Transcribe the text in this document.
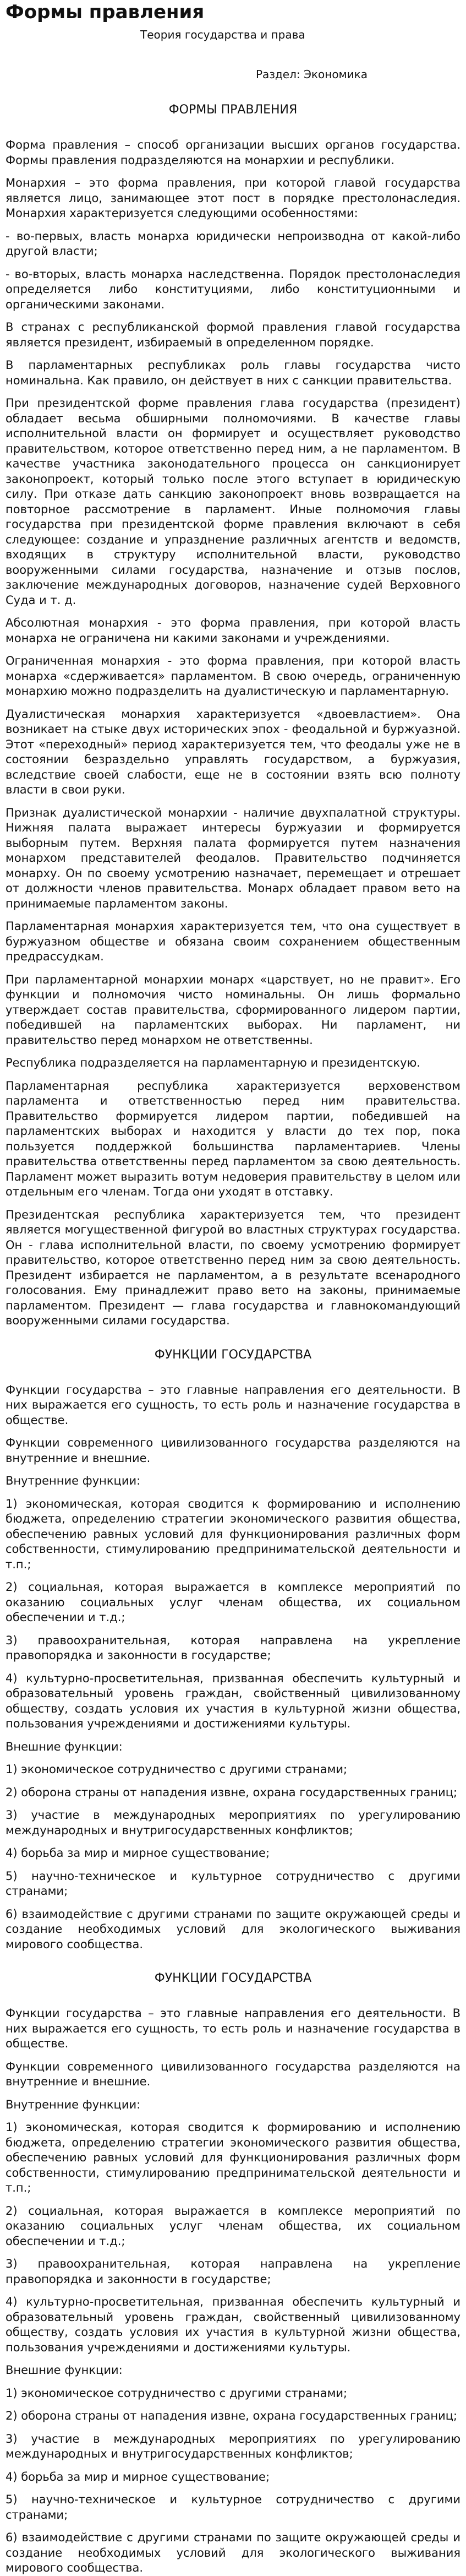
Формы правления
Теория государства и права
Раздел: Экономика
ФОРМЫ ПРАВЛЕНИЯ

Форма правления – способ организации высших органов государства. Формы правления подразделяются на монархии и республики.

Монархия – это форма правления, при которой главой государства является лицо, занимающее этот пост в порядке престолонаследия. Монархия характеризуется следующими особенностями:

- во-первых, власть монарха юридически непроизводна от какой-либо другой власти;

- во-вторых, власть монарха наследственна. Порядок престолонаследия определяется либо конституциями, либо конституционными и органическими законами.

В странах с республиканской формой правления главой государства является президент, избираемый в определенном порядке.

В парламентарных республиках роль главы государства чисто номинальна. Как правило, он действует в них с санкции правительства.

При президентской форме правления глава государства (президент) обладает весьма обширными полномочиями. В качестве главы исполнительной власти он формирует и осуществляет руководство правительством, которое ответственно перед ним, а не парламентом. В качестве участника законодательного процесса он санкционирует законопроект, который только после этого вступает в юридическую силу. При отказе дать санкцию законопроект вновь возвращается на повторное рассмотрение в парламент. Иные полномочия главы государства при президентской форме правления включают в себя следующее: создание и упразднение различных агентств и ведомств, входящих в структуру исполнительной власти, руководство вооруженными силами государства, назначение и отзыв послов, заключение международных договоров, назначение судей Верховного Суда и т. д.

Абсолютная монархия - это форма правления, при которой власть монарха не ограничена ни какими законами и учреждениями.

Ограниченная монархия - это форма правления, при которой власть монарха «сдерживается» парламентом. В свою очередь, ограниченную монархию можно подразделить на дуалистическую и парламентарную.

Дуалистическая монархия характеризуется «двоевластием». Она возникает на стыке двух исторических эпох - феодальной и буржуазной. Этот «переходный» период характеризуется тем, что феодалы уже не в состоянии безраздельно управлять государством, а буржуазия, вследствие своей слабости, еще не в состоянии взять всю полноту власти в свои руки.

Признак дуалистической монархии - наличие двухпалатной структуры. Нижняя палата выражает интересы буржуазии и формируется выборным путем. Верхняя палата формируется путем назначения монархом представителей феодалов. Правительство подчиняется монарху. Он по своему усмотрению назначает, перемещает и отрешает от должности членов правительства. Монарх обладает правом вето на принимаемые парламентом законы.

Парламентарная монархия характеризуется тем, что она существует в буржуазном обществе и обязана своим сохранением общественным предрассудкам.

При парламентарной монархии монарх «царствует, но не правит». Его функции и полномочия чисто номинальны. Он лишь формально утверждает состав правительства, сформированного лидером партии, победившей на парламентских выборах. Ни парламент, ни правительство перед монархом не ответственны.

Республика подразделяется на парламентарную и президентскую.

Парламентарная республика характеризуется верховенством парламента и ответственностью перед ним правительства. Правительство формируется лидером партии, победившей на парламентских выборах и находится у власти до тех пор, пока пользуется поддержкой большинства парламентариев. Члены правительства ответственны перед парламентом за свою деятельность. Парламент может выразить вотум недоверия правительству в целом или отдельным его членам. Тогда они уходят в отставку.

Президентская республика характеризуется тем, что президент является могущественной фигурой во властных структурах государства. Он - глава исполнительной власти, по своему усмотрению формирует правительство, которое ответственно перед ним за свою деятельность. Президент избирается не парламентом, а в результате всенародного голосования. Ему принадлежит право вето на законы, принимаемые парламентом. Президент — глава государства и главнокомандующий вооруженными силами государства.

ФУНКЦИИ ГОСУДАРСТВА

Функции государства – это главные направления его деятельности. В них выражается его сущность, то есть роль и назначение государства в обществе.

Функции современного цивилизованного государства разделяются на внутренние и внешние.

Внутренние функции:

1) экономическая, которая сводится к формированию и исполнению бюджета, определению стратегии экономического развития общества, обеспечению равных условий для функционирования различных форм собственности, стимулированию предпринимательской деятельности и т.п.;

2) социальная, которая выражается в комплексе мероприятий по оказанию социальных услуг членам общества, их социальном обеспечении и т.д.;

3) правоохранительная, которая направлена на укрепление правопорядка и законности в государстве;

4) культурно-просветительная, призванная обеспечить культурный и образовательный уровень граждан, свойственный цивилизованному обществу, создать условия их участия в культурной жизни общества, пользования учреждениями и достижениями культуры.

Внешние функции:

1) экономическое сотрудничество с другими странами;

2) оборона страны от нападения извне, охрана государственных границ;

3) участие в международных мероприятиях по урегулированию международных и внутригосударственных конфликтов;

4) борьба за мир и мирное существование;

5) научно-техническое и культурное сотрудничество с другими странами;

6) взаимодействие с другими странами по защите окружающей среды и создание необходимых условий для экологического выживания мирового сообщества.

ФУНКЦИИ ГОСУДАРСТВА

Функции государства – это главные направления его деятельности. В них выражается его сущность, то есть роль и назначение государства в обществе.

Функции современного цивилизованного государства разделяются на внутренние и внешние.

Внутренние функции:

1) экономическая, которая сводится к формированию и исполнению бюджета, определению стратегии экономического развития общества, обеспечению равных условий для функционирования различных форм собственности, стимулированию предпринимательской деятельности и т.п.;

2) социальная, которая выражается в комплексе мероприятий по оказанию социальных услуг членам общества, их социальном обеспечении и т.д.;

3) правоохранительная, которая направлена на укрепление правопорядка и законности в государстве;

4) культурно-просветительная, призванная обеспечить культурный и образовательный уровень граждан, свойственный цивилизованному обществу, создать условия их участия в культурной жизни общества, пользования учреждениями и достижениями культуры.

Внешние функции:

1) экономическое сотрудничество с другими странами;

2) оборона страны от нападения извне, охрана государственных границ;

3) участие в международных мероприятиях по урегулированию международных и внутригосударственных конфликтов;

4) борьба за мир и мирное существование;

5) научно-техническое и культурное сотрудничество с другими странами;

6) взаимодействие с другими странами по защите окружающей среды и создание необходимых условий для экологического выживания мирового сообщества.
